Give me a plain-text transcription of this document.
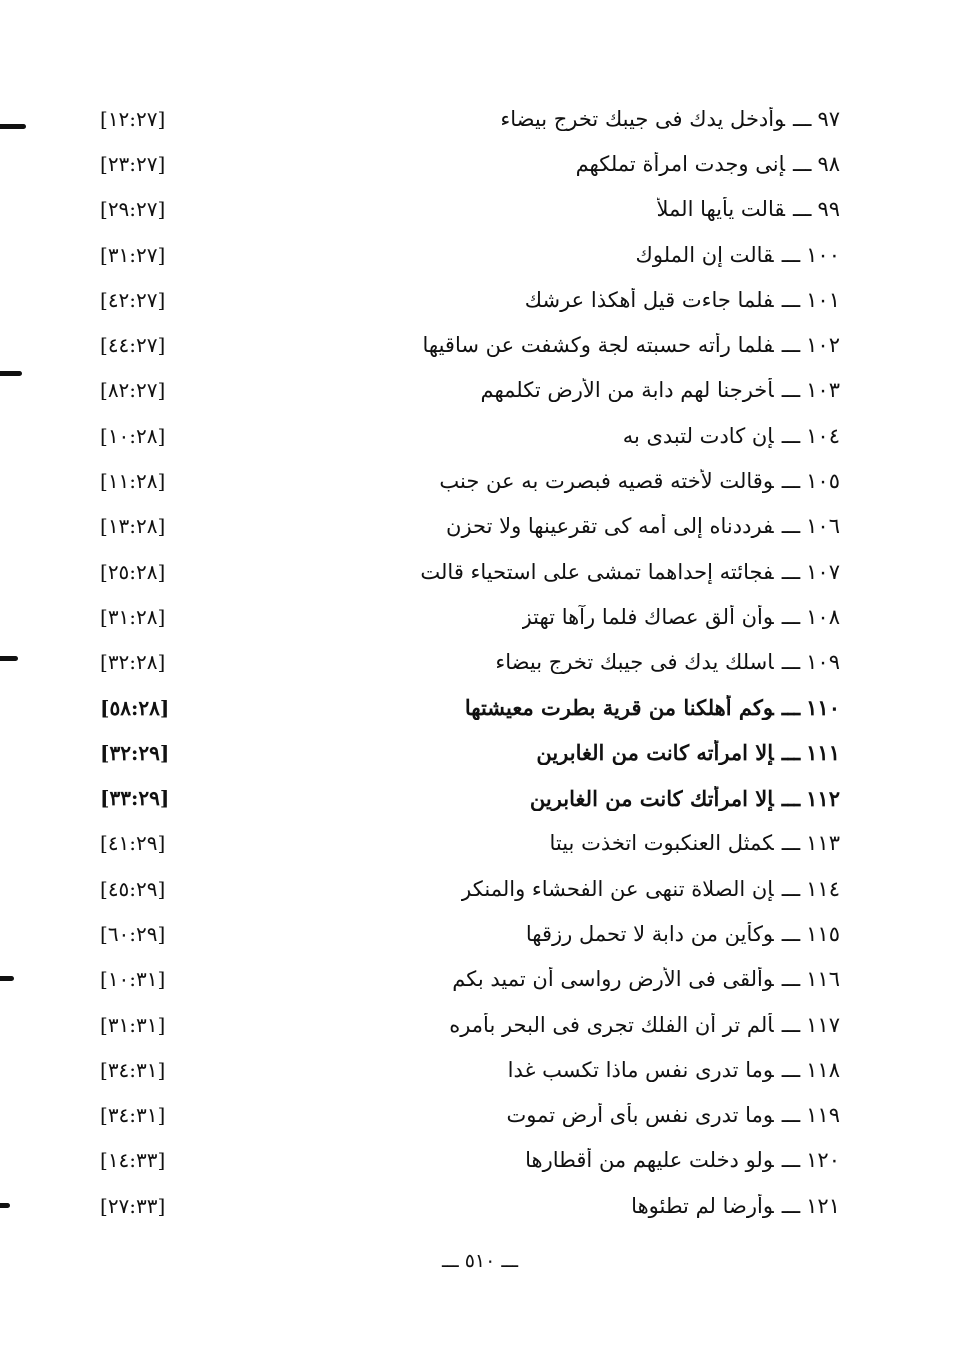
[١٢:٢٧]	٩٧ـــوأدخل يدك فى جيبك تخرج بيضاء
[٢٣:٢٧]	٩٨ـــإنى وجدت امرأة تملكهم
[٢٩:٢٧]	٩٩ـــقالت يأيها الملأ
[٣١:٢٧]	١٠٠ـــقالت إن الملوك
[٤٢:٢٧]	١٠١ـــفلما جاءت قيل أهكذا عرشك
[٤٤:٢٧]	١٠٢ـــفلما رأته حسبته لجة وكشفت عن ساقيها
[٨٢:٢٧]	١٠٣ـــأخرجنا لهم دابة من الأرض تكلمهم
[١٠:٢٨]	١٠٤ـــإن كادت لتبدى به
[١١:٢٨]	١٠٥ـــوقالت لأخته قصيه فبصرت به عن جنب
[١٣:٢٨]	١٠٦ـــفرددناه إلى أمه كى تقرعينها ولا تحزن
[٢٥:٢٨]	١٠٧ـــفجائته إحداهما تمشى على استحياء قالت
[٣١:٢٨]	١٠٨ـــوأن ألق عصاك فلما رآها تهتز
[٣٢:٢٨]	١٠٩ـــاسلك يدك فى جيبك تخرج بيضاء
[٥٨:٢٨]	١١٠ـــوكم أهلكنا من قرية بطرت معيشتها
[٣٢:٢٩]	١١١ـــإلا امرأته كانت من الغابرين
[٣٣:٢٩]	١١٢ـــإلا امرأتك كانت من الغابرين
[٤١:٢٩]	١١٣ـــكمثل العنكبوت اتخذت بيتا
[٤٥:٢٩]	١١٤ـــإن الصلاة تنهى عن الفحشاء والمنكر
[٦٠:٢٩]	١١٥ـــوكأين من دابة لا تحمل رزقها
[١٠:٣١]	١١٦ـــوألقى فى الأرض رواسى أن تميد بكم
[٣١:٣١]	١١٧ـــألم تر أن الفلك تجرى فى البحر بأمره
[٣٤:٣١]	١١٨ـــوما تدرى نفس ماذا تكسب غدا
[٣٤:٣١]	١١٩ـــوما تدرى نفس بأى أرض تموت
[١٤:٣٣]	١٢٠ـــولو دخلت عليهم من أقطارها
[٢٧:٣٣]	١٢١ـــوأرضا لم تطئوها
ـــ ٥١٠ ـــ
